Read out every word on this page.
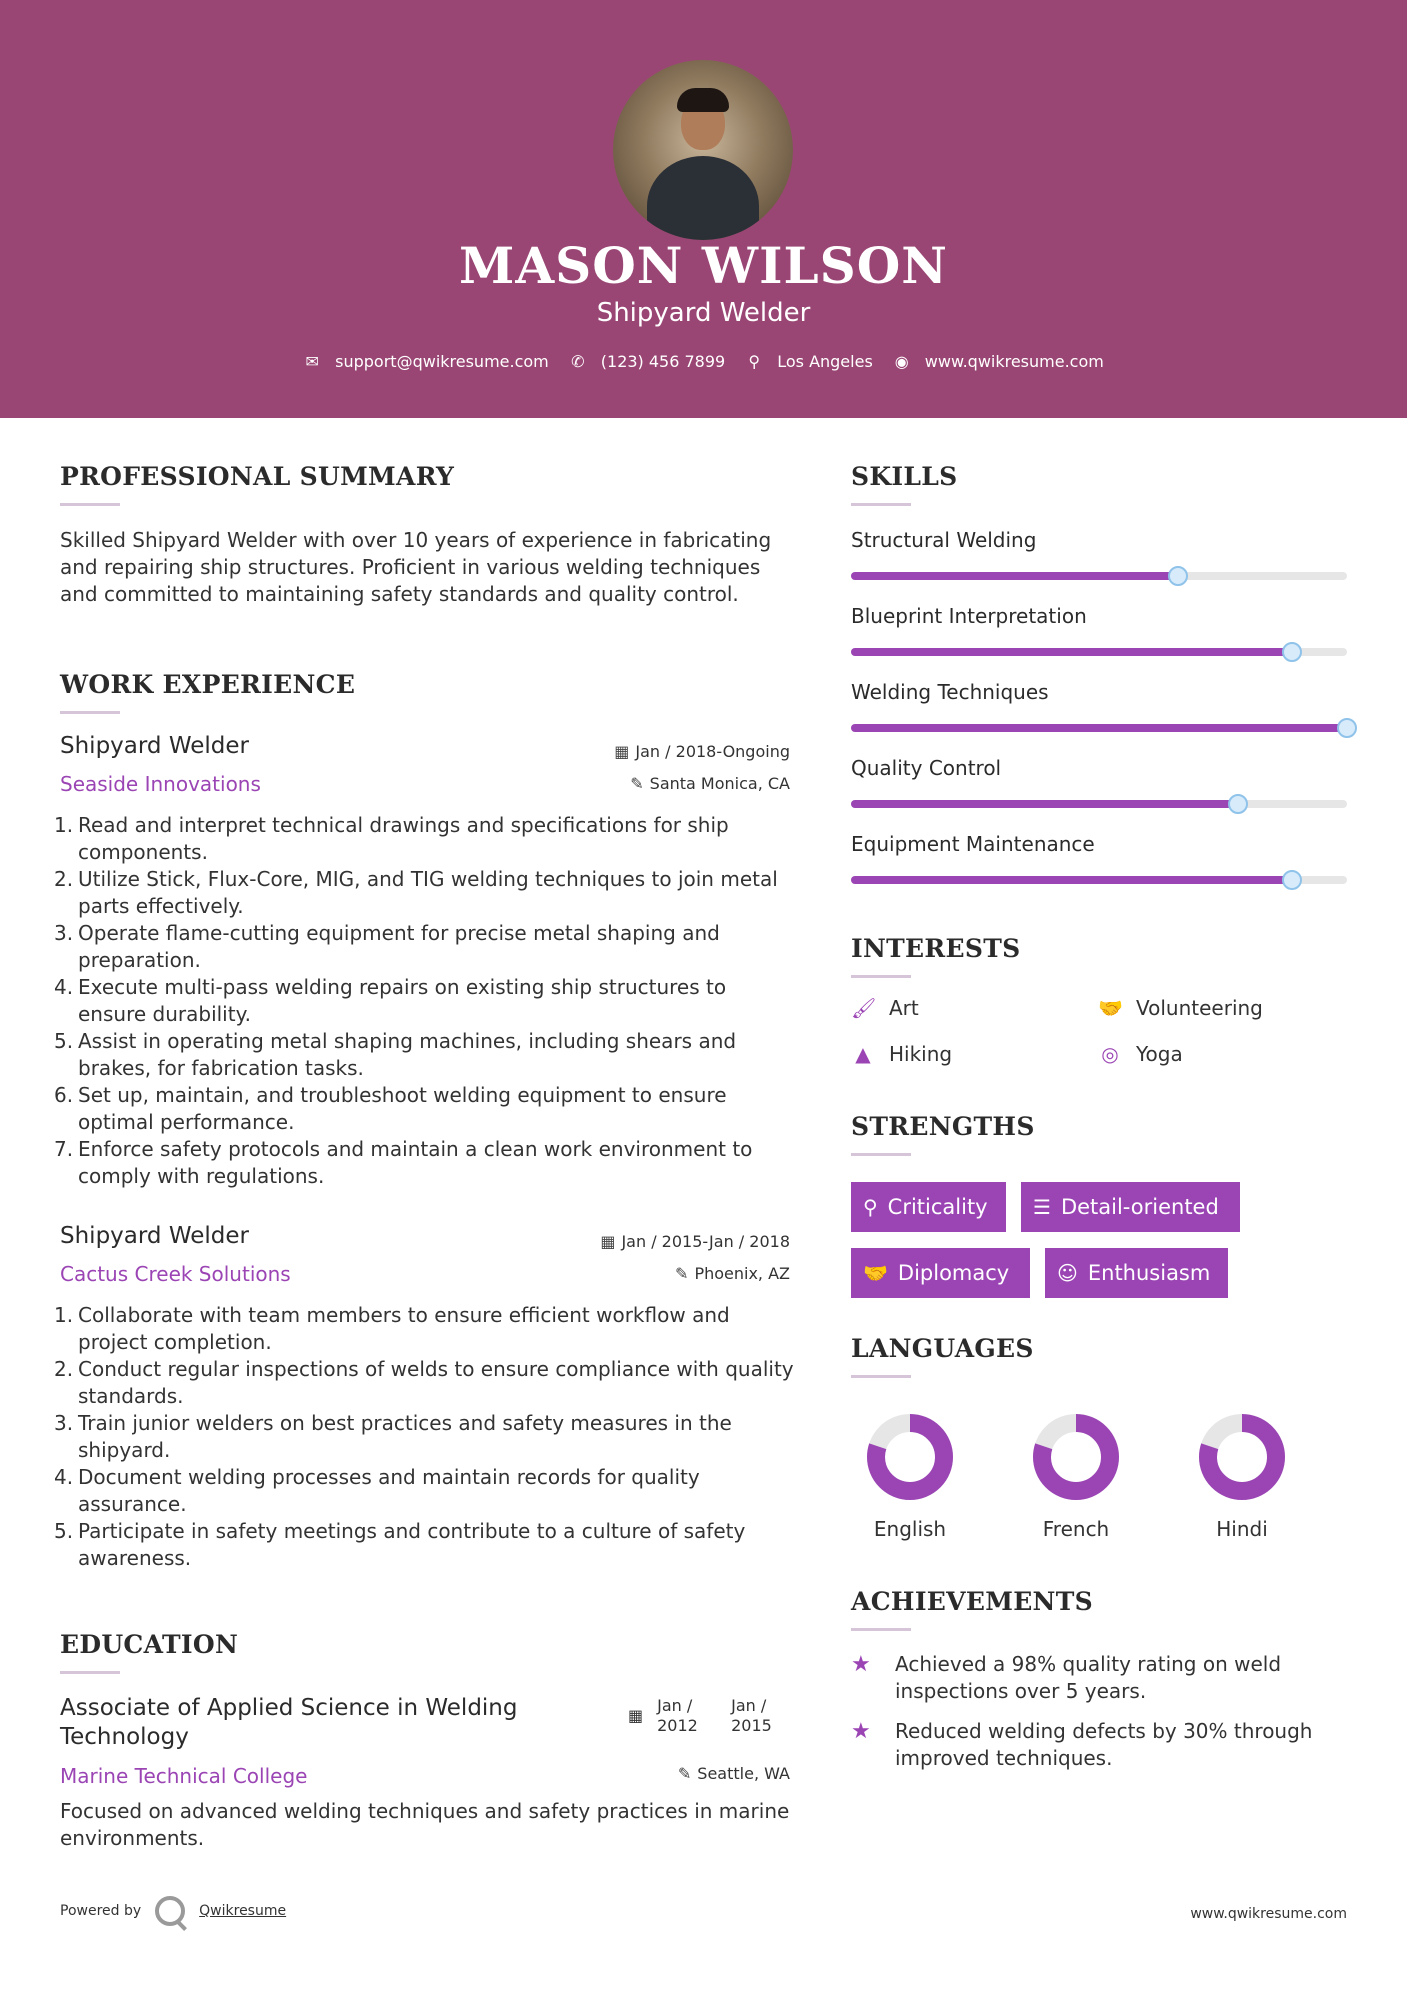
MASON WILSON
Shipyard Welder
✉ support@qwikresume.com ✆ (123) 456 7899 ⚲ Los Angeles ◉ www.qwikresume.com
PROFESSIONAL SUMMARY
Skilled Shipyard Welder with over 10 years of experience in fabricating and repairing ship structures. Proficient in various welding techniques and committed to maintaining safety standards and quality control.
WORK EXPERIENCE
Shipyard Welder	▦ Jan / 2018-Ongoing
Seaside Innovations	✎ Santa Monica, CA
1. Read and interpret technical drawings and specifications for ship components.
2. Utilize Stick, Flux-Core, MIG, and TIG welding techniques to join metal parts effectively.
3. Operate flame-cutting equipment for precise metal shaping and preparation.
4. Execute multi-pass welding repairs on existing ship structures to ensure durability.
5. Assist in operating metal shaping machines, including shears and brakes, for fabrication tasks.
6. Set up, maintain, and troubleshoot welding equipment to ensure optimal performance.
7. Enforce safety protocols and maintain a clean work environment to comply with regulations.
Shipyard Welder	▦ Jan / 2015-Jan / 2018
Cactus Creek Solutions	✎ Phoenix, AZ
1. Collaborate with team members to ensure efficient workflow and project completion.
2. Conduct regular inspections of welds to ensure compliance with quality standards.
3. Train junior welders on best practices and safety measures in the shipyard.
4. Document welding processes and maintain records for quality assurance.
5. Participate in safety meetings and contribute to a culture of safety awareness.
EDUCATION
Associate of Applied Science in Welding Technology
▦
Jan / 2012
Jan / 2015
Marine Technical College	✎ Seattle, WA
Focused on advanced welding techniques and safety practices in marine environments.
SKILLS
Structural Welding
Blueprint Interpretation
Welding Techniques
Quality Control
Equipment Maintenance
INTERESTS
🖌 Art	🤝 Volunteering
▲ Hiking	◎ Yoga
STRENGTHS
⚲ Criticality ☰ Detail-oriented
🤝 Diplomacy ☺ Enthusiasm
LANGUAGES
English	French	Hindi
ACHIEVEMENTS
★	Achieved a 98% quality rating on weld inspections over 5 years.
★	Reduced welding defects by 30% through improved techniques.
Powered by	Qwikresume	www.qwikresume.com
